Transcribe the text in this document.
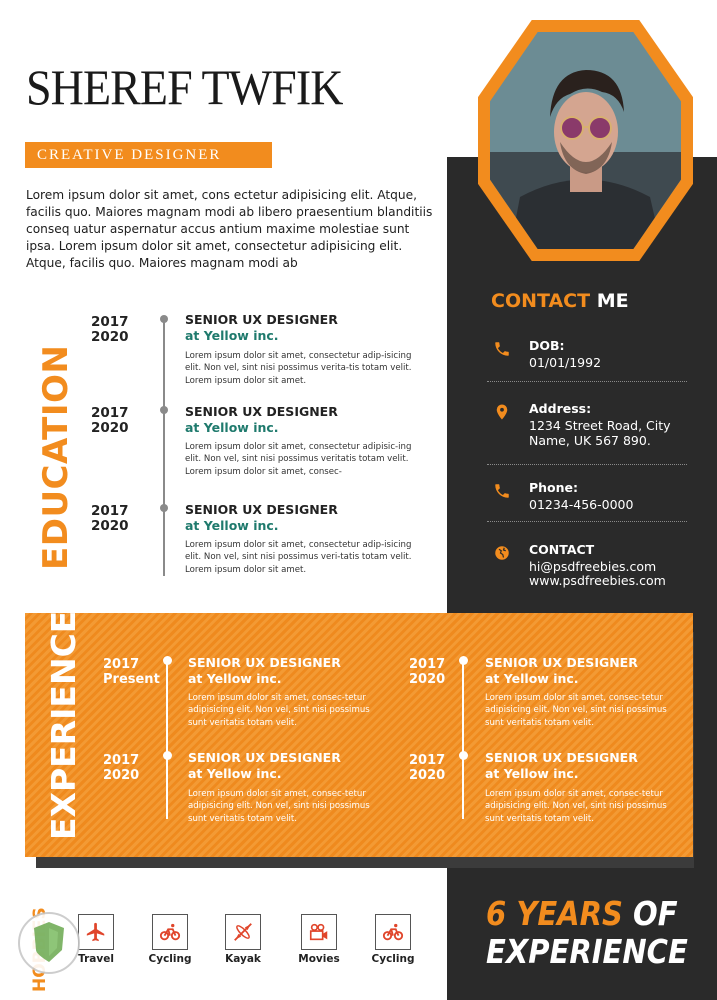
SHEREF TWFIK
CREATIVE DESIGNER

Lorem ipsum dolor sit amet, cons ectetur adipisicing elit. Atque, facilis quo. Maiores magnam modi ab libero praesentium blanditiis conseq uatur aspernatur accus antium maxime molestiae sunt ipsa. Lorem ipsum dolor sit amet, consectetur adipisicing elit. Atque, facilis quo. Maiores magnam modi ab

CONTACT ME
DOB:
01/01/1992
Address:
1234 Street Road, City
Name, UK 567 890.
Phone:
01234-456-0000
CONTACT
hi@psdfreebies.com
www.psdfreebies.com
EDUCATION
2017
2020
SENIOR UX DESIGNER
at Yellow inc.

Lorem ipsum dolor sit amet, consectetur adip-isicing elit. Non vel, sint nisi possimus verita-tis totam velit. Lorem ipsum dolor sit amet.

2017
2020
SENIOR UX DESIGNER
at Yellow inc.

Lorem ipsum dolor sit amet, consectetur adipisic-ing elit. Non vel, sint nisi possimus veritatis totam velit. Lorem ipsum dolor sit amet, consec-

2017
2020
SENIOR UX DESIGNER
at Yellow inc.

Lorem ipsum dolor sit amet, consectetur adip-isicing elit. Non vel, sint nisi possimus veri-tatis totam velit. Lorem ipsum dolor sit amet.

EXPERIENCE 2017
Present
SENIOR UX DESIGNER
at Yellow inc.

Lorem ipsum dolor sit amet, consec-tetur adipisicing elit. Non vel, sint nisi possimus sunt veritatis totam velit.

2017
2020
SENIOR UX DESIGNER
at Yellow inc.

Lorem ipsum dolor sit amet, consec-tetur adipisicing elit. Non vel, sint nisi possimus sunt veritatis totam velit.

2017
2020
SENIOR UX DESIGNER
at Yellow inc.

Lorem ipsum dolor sit amet, consec-tetur adipisicing elit. Non vel, sint nisi possimus sunt veritatis totam velit.

2017
2020
SENIOR UX DESIGNER
at Yellow inc.

Lorem ipsum dolor sit amet, consec-tetur adipisicing elit. Non vel, sint nisi possimus sunt veritatis totam velit.

Travel	Cycling	Kayak	Movies	Cycling
6 YEARS OF
EXPERIENCE
